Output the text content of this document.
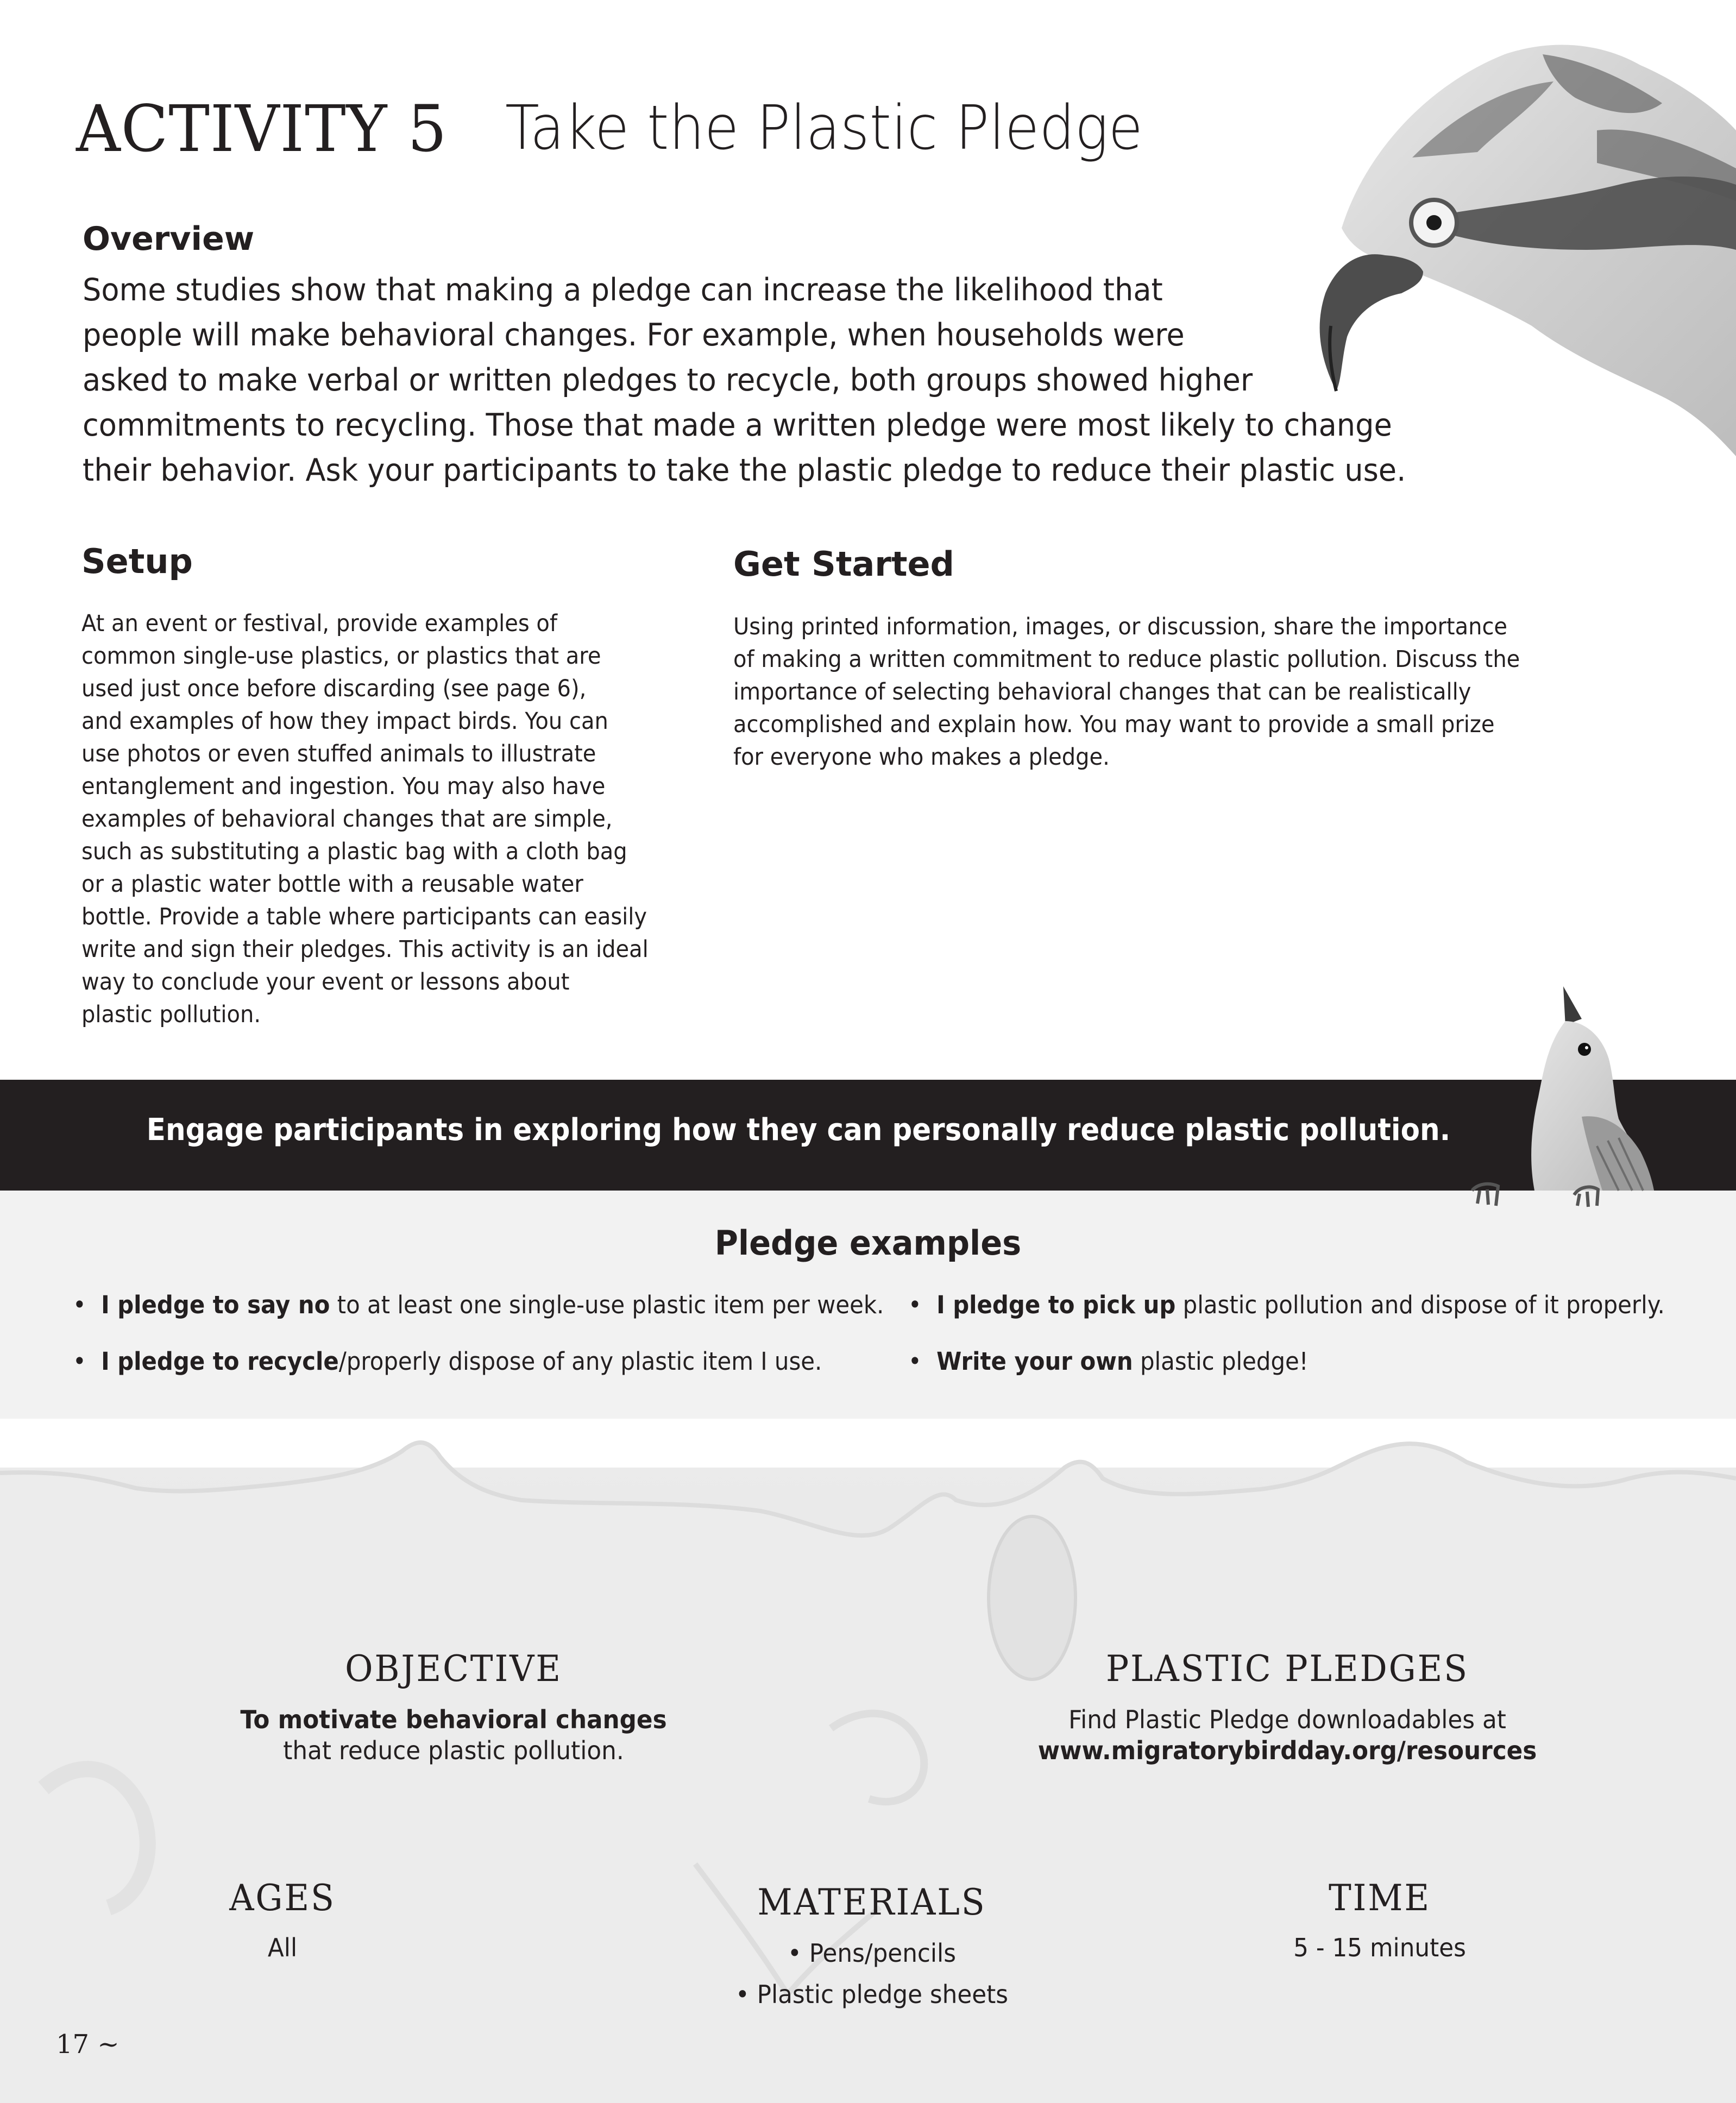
ACTIVITY 5 Take the Plastic Pledge
Overview
Some studies show that making a pledge can increase the likelihood that
people will make behavioral changes. For example, when households were
asked to make verbal or written pledges to recycle, both groups showed higher
commitments to recycling. Those that made a written pledge were most likely to change
their behavior. Ask your participants to take the plastic pledge to reduce their plastic use.
Setup
At an event or festival, provide examples of
common single-use plastics, or plastics that are
used just once before discarding (see page 6),
and examples of how they impact birds. You can
use photos or even stuffed animals to illustrate
entanglement and ingestion. You may also have
examples of behavioral changes that are simple,
such as substituting a plastic bag with a cloth bag
or a plastic water bottle with a reusable water
bottle. Provide a table where participants can easily
write and sign their pledges. This activity is an ideal
way to conclude your event or lessons about
plastic pollution.
Get Started
Using printed information, images, or discussion, share the importance
of making a written commitment to reduce plastic pollution. Discuss the
importance of selecting behavioral changes that can be realistically
accomplished and explain how. You may want to provide a small prize
for everyone who makes a pledge.
Engage participants in exploring how they can personally reduce plastic pollution.
Pledge examples
• I pledge to say no to at least one single-use plastic item per week. • I pledge to pick up plastic pollution and dispose of it properly.
• I pledge to recycle/properly dispose of any plastic item I use.	• Write your own plastic pledge!
OBJECTIVE
To motivate behavioral changes
that reduce plastic pollution.
PLASTIC PLEDGES
Find Plastic Pledge downloadables at
www.migratorybirdday.org/resources
AGES
All
MATERIALS
• Pens/pencils
• Plastic pledge sheets
TIME
5 - 15 minutes
17 ~
